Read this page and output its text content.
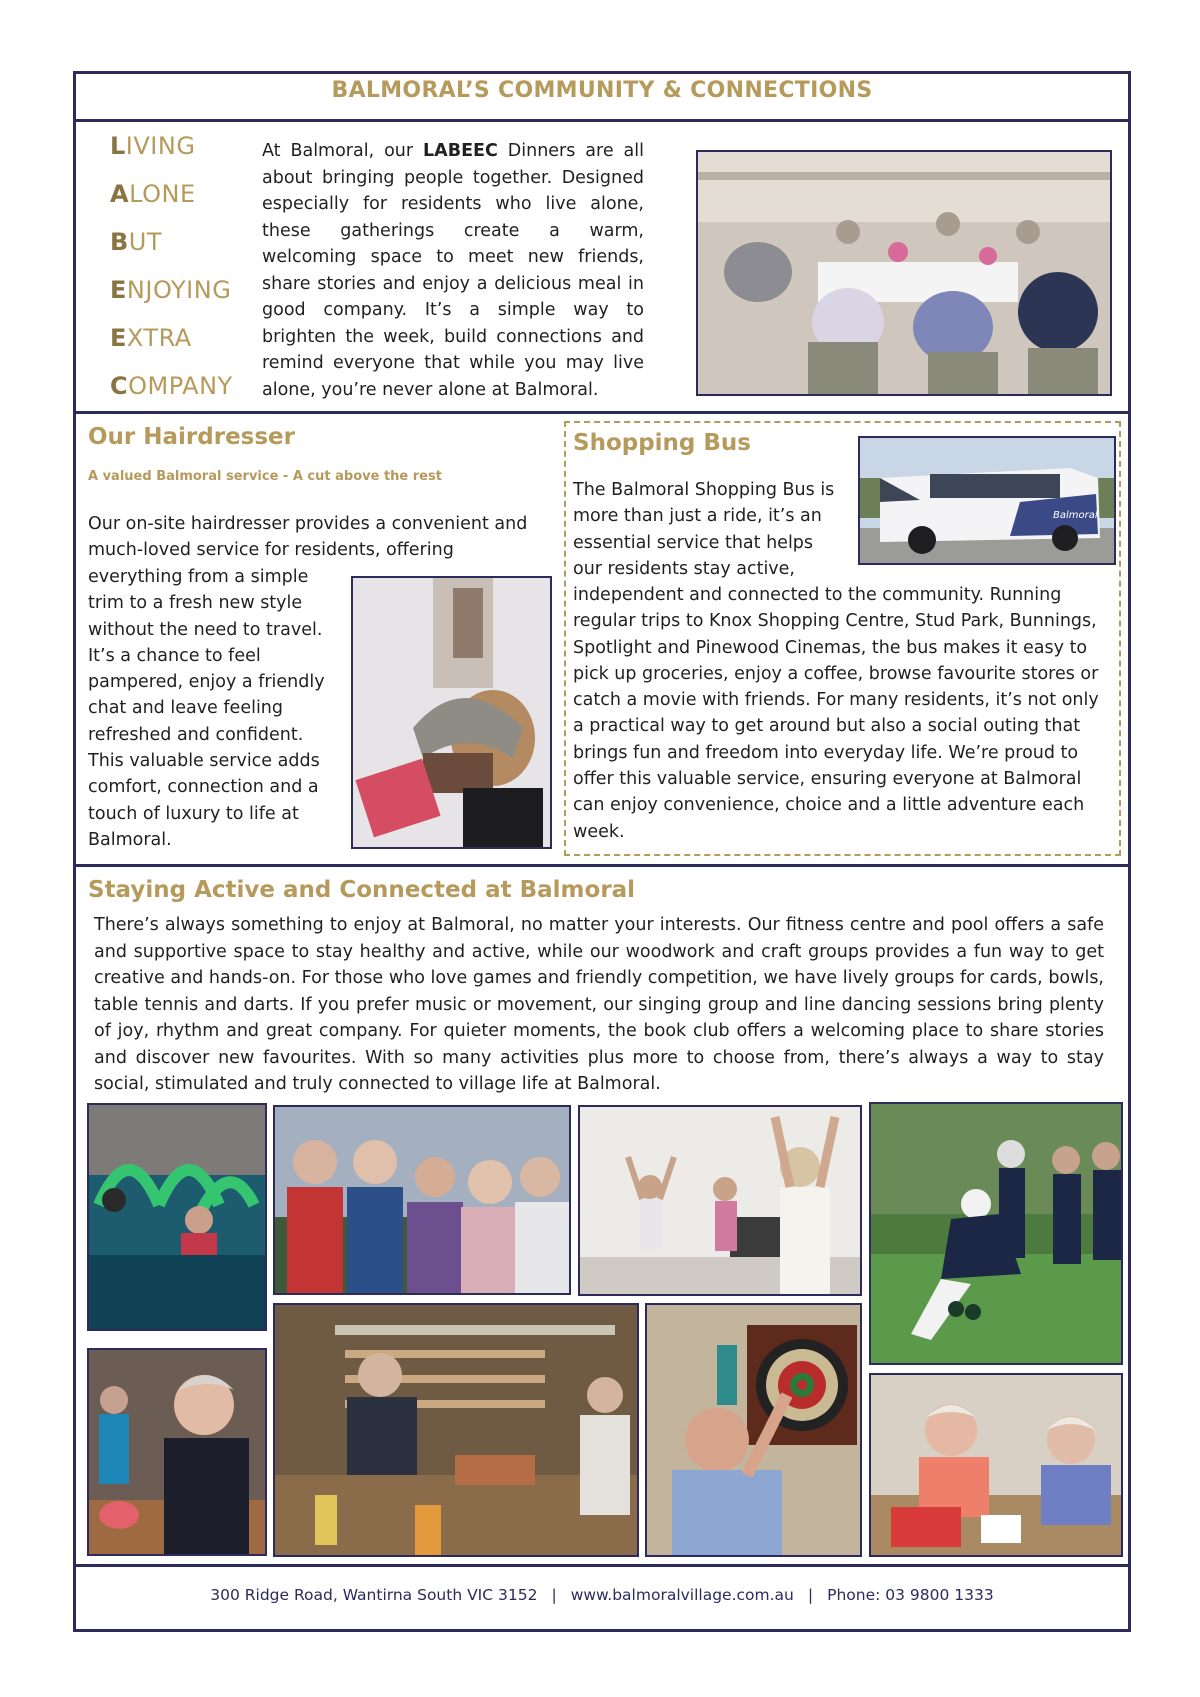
BALMORAL’S COMMUNITY & CONNECTIONS
LIVING
ALONE
BUT
ENJOYING
EXTRA
COMPANY
At Balmoral, our LABEEC Dinners are all about bringing people together. Designed especially for residents who live alone, these gatherings create a warm, welcoming space to meet new friends, share stories and enjoy a delicious meal in good company. It’s a simple way to brighten the week, build connections and remind everyone that while you may live alone, you’re never alone at Balmoral.
Our Hairdresser
A valued Balmoral service - A cut above the rest
Our on-site hairdresser provides a convenient and much-loved service for residents, offering
everything from a simple
trim to a fresh new style
without the need to travel.
It’s a chance to feel
pampered, enjoy a friendly
chat and leave feeling
refreshed and confident.
This valuable service adds
comfort, connection and a
touch of luxury to life at
Balmoral.
Shopping Bus
Balmoral
The Balmoral Shopping Bus is
more than just a ride, it’s an
essential service that helps
our residents stay active,
independent and connected to the community. Running regular trips to Knox Shopping Centre, Stud Park, Bunnings, Spotlight and Pinewood Cinemas, the bus makes it easy to pick up groceries, enjoy a coffee, browse favourite stores or catch a movie with friends. For many residents, it’s not only a practical way to get around but also a social outing that brings fun and freedom into everyday life. We’re proud to offer this valuable service, ensuring everyone at Balmoral can enjoy convenience, choice and a little adventure each week.
Staying Active and Connected at Balmoral
There’s always something to enjoy at Balmoral, no matter your interests. Our fitness centre and pool offers a safe and supportive space to stay healthy and active, while our woodwork and craft groups provides a fun way to get creative and hands-on. For those who love games and friendly competition, we have lively groups for cards, bowls, table tennis and darts. If you prefer music or movement, our singing group and line dancing sessions bring plenty of joy, rhythm and great company. For quieter moments, the book club offers a welcoming place to share stories and discover new favourites. With so many activities plus more to choose from, there’s always a way to stay social, stimulated and truly connected to village life at Balmoral.
300 Ridge Road, Wantirna South VIC 3152 | www.balmoralvillage.com.au | Phone: 03 9800 1333
